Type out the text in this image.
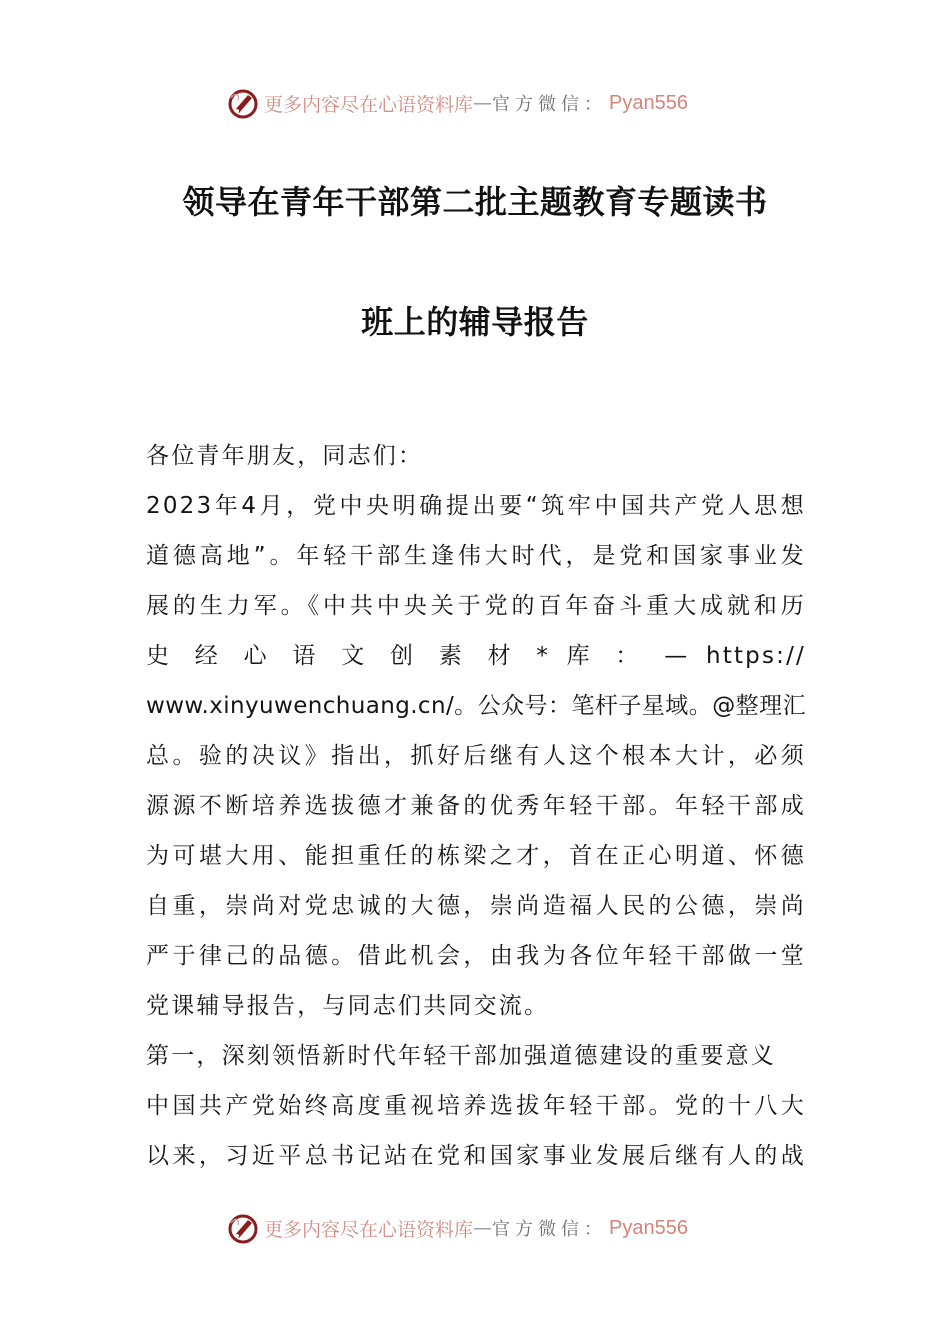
更多内容尽在心语资料库 — 官方微信： Pyan556
领导在青年干部第二批主题教育专题读书
班上的辅导报告
各位青年朋友，同志们：
2023年4月，党中央明确提出要“筑牢中国共产党人思想
道德高地”。年轻干部生逢伟大时代，是党和国家事业发
展的生力军。《中共中央关于党的百年奋斗重大成就和历
史 经 心 语 文 创 素 材 * 库 ： — https://
www.xinyuwenchuang.cn/。公众号：笔杆子星域。@整理汇
总。验的决议》指出，抓好后继有人这个根本大计，必须
源源不断培养选拔德才兼备的优秀年轻干部。年轻干部成
为可堪大用、能担重任的栋梁之才，首在正心明道、怀德
自重，崇尚对党忠诚的大德，崇尚造福人民的公德，崇尚
严于律己的品德。借此机会，由我为各位年轻干部做一堂
党课辅导报告，与同志们共同交流。
第一，深刻领悟新时代年轻干部加强道德建设的重要意义
中国共产党始终高度重视培养选拔年轻干部。党的十八大
以来，习近平总书记站在党和国家事业发展后继有人的战
更多内容尽在心语资料库 — 官方微信： Pyan556
